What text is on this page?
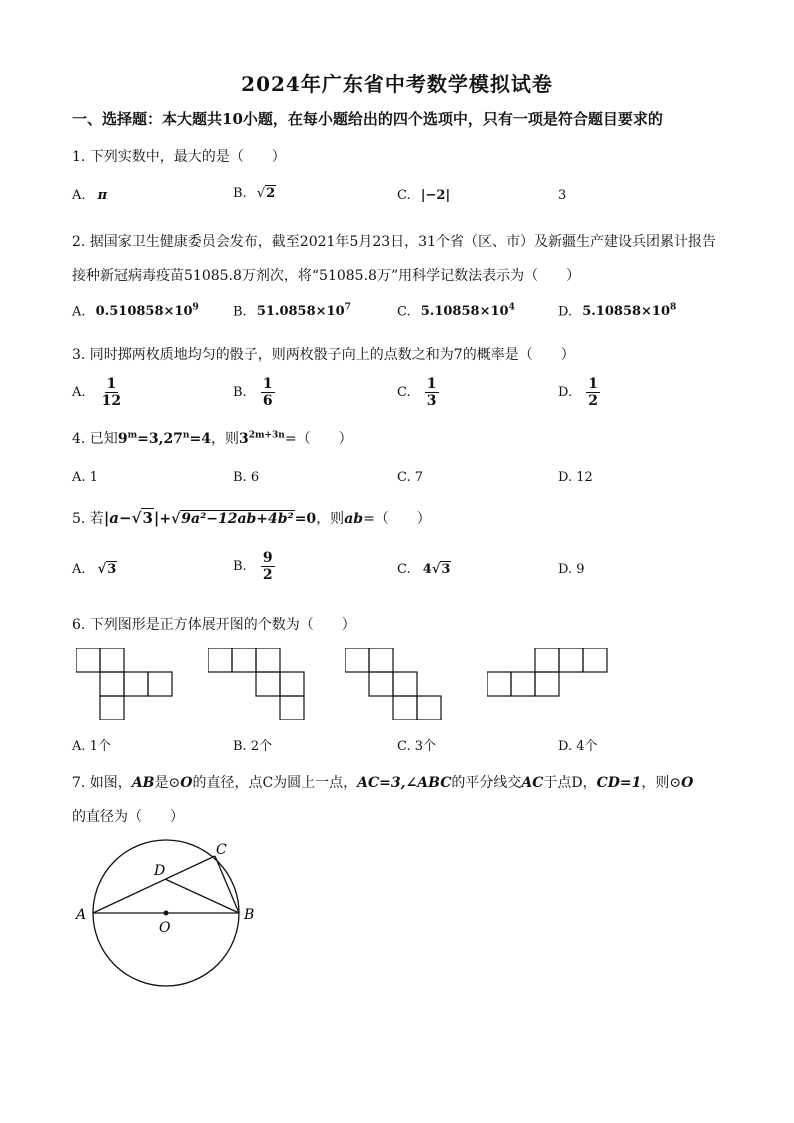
2024年广东省中考数学模拟试卷
一、选择题：本大题共10小题，在每小题给出的四个选项中，只有一项是符合题目要求的
1. 下列实数中，最大的是（　　）
A. π	B. √2	C. |−2|	3
2. 据国家卫生健康委员会发布，截至2021年5月23日，31个省（区、市）及新疆生产建设兵团累计报告
接种新冠病毒疫苗51085.8万剂次，将“51085.8万”用科学记数法表示为（　　）
A. $0.510858\times 10^9$	B. $51.0858\times 10^7$	C. $5.10858\times 10^4$	D. $5.10858\times 10^8$
3. 同时掷两枚质地均匀的骰子，则两枚骰子向上的点数之和为7的概率是（　　）
A. $\frac{1}{12}$	B. $\frac{1}{6}$	C. $\frac{1}{3}$	D. $\frac{1}{2}$
4. 已知$9^m=3,27^n=4$，则$3^{2m+3n}=$（　　）
A. 1	B. 6	C. 7	D. 12
5. 若|a−√3|+√9a²−12ab+4b²=0，则ab=（　　）
A. √3	B. $\frac{9}{2}$	C. 4√3	D. 9
6. 下列图形是正方体展开图的个数为（　　）
A. 1个	B. 2个	C. 3个	D. 4个
7. 如图，AB是⊙O的直径，点C为圆上一点，AC=3,∠ABC的平分线交AC于点D，CD=1，则⊙O
的直径为（　　）
A	B
C
D
O
